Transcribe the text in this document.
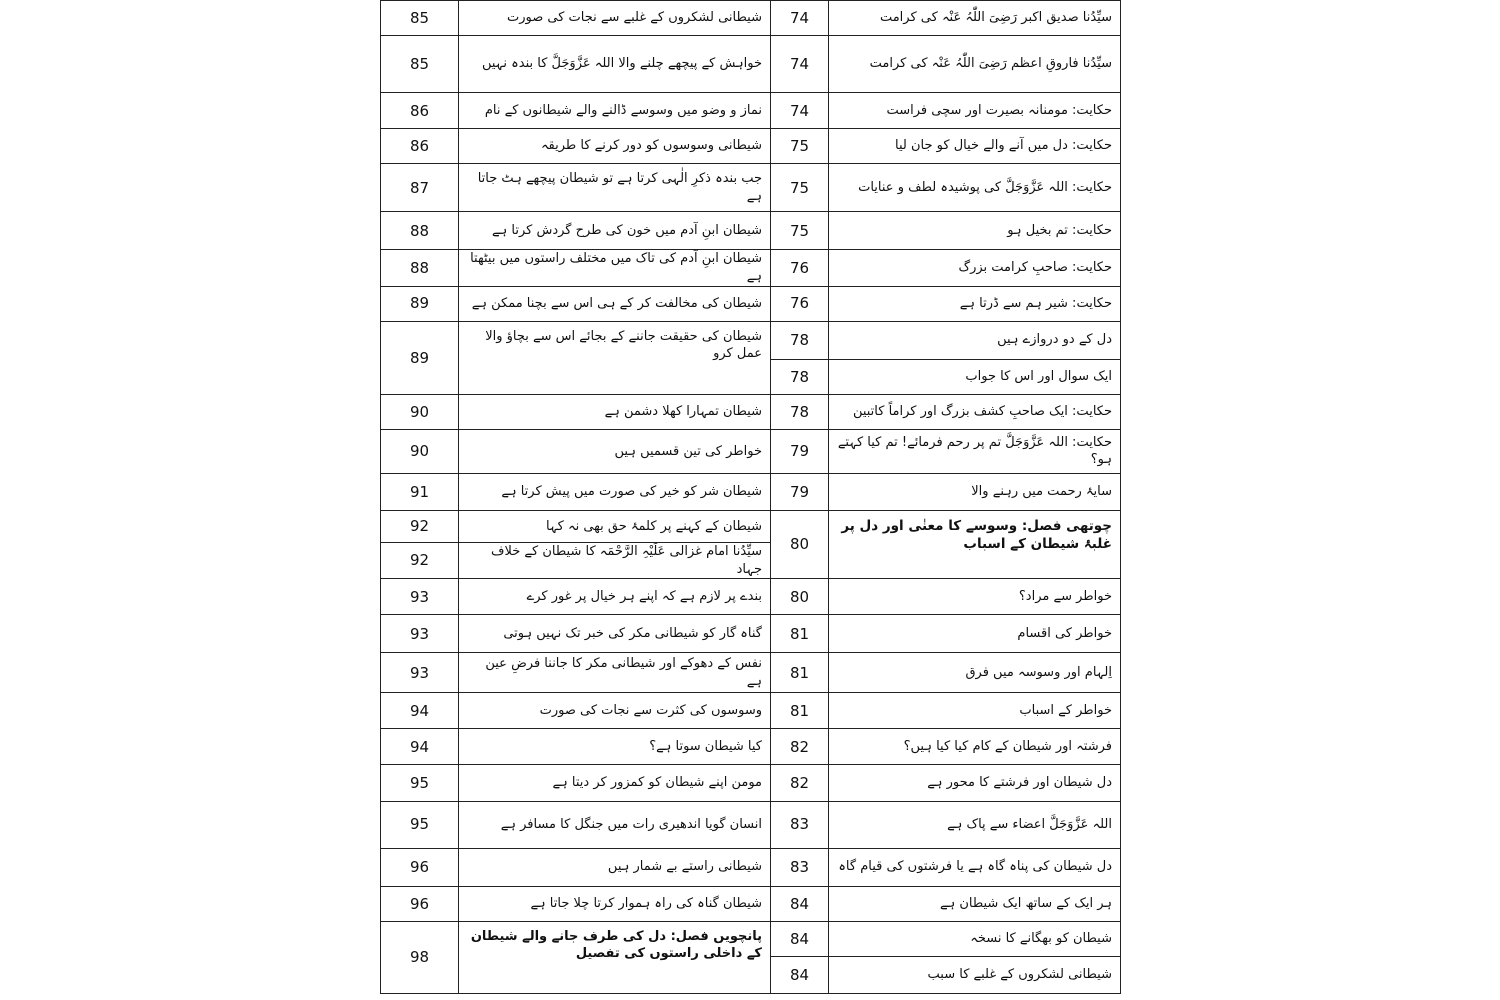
85	شیطانی لشکروں کے غلبے سے نجات کی صورت	74	سیِّدُنا صدیق اکبر رَضِیَ اللّٰہُ عَنْہ کی کرامت
85	خواہش کے پیچھے چلنے والا اللہ عَزَّوَجَلَّ کا بندہ نہیں	74	سیِّدُنا فاروقِ اعظم رَضِیَ اللّٰہُ عَنْہ کی کرامت
86	نماز و وضو میں وسوسے ڈالنے والے شیطانوں کے نام	74	حکایت: مومنانہ بصیرت اور سچی فراست
86	شیطانی وسوسوں کو دور کرنے کا طریقہ	75	حکایت: دل میں آنے والے خیال کو جان لیا
87	جب بندہ ذکرِ الٰہی کرتا ہے تو شیطان پیچھے ہٹ جاتا ہے	75	حکایت: اللہ عَزَّوَجَلَّ کی پوشیدہ لطف و عنایات
88	شیطان ابنِ آدم میں خون کی طرح گردش کرتا ہے	75	حکایت: تم بخیل ہو
88	شیطان ابنِ آدم کی تاک میں مختلف راستوں میں بیٹھتا ہے	76	حکایت: صاحبِ کرامت بزرگ
89	شیطان کی مخالفت کر کے ہی اس سے بچنا ممکن ہے	76	حکایت: شیر ہم سے ڈرتا ہے
89	شیطان کی حقیقت جاننے کے بجائے اس سے بچاؤ والا عمل کرو	78	دل کے دو دروازے ہیں
		78	ایک سوال اور اس کا جواب
90	شیطان تمہارا کھلا دشمن ہے	78	حکایت: ایک صاحبِ کشف بزرگ اور کراماً کاتبین
90	خواطر کی تین قسمیں ہیں	79	حکایت: اللہ عَزَّوَجَلَّ تم پر رحم فرمائے! تم کیا کہتے ہو؟
91	شیطان شر کو خیر کی صورت میں پیش کرتا ہے	79	سایۂ رحمت میں رہنے والا
92	شیطان کے کہنے پر کلمۂ حق بھی نہ کہا	80	چوتھی فصل: وسوسے کا معنٰی اور دل پر غلبۂ شیطان کے اسباب
92	سیِّدُنا امام غزالی عَلَیْہِ الرَّحْمَہ کا شیطان کے خلاف جہاد		
93	بندے پر لازم ہے کہ اپنے ہر خیال پر غور کرے	80	خواطر سے مراد؟
93	گناہ گار کو شیطانی مکر کی خبر تک نہیں ہوتی	81	خواطر کی اقسام
93	نفس کے دھوکے اور شیطانی مکر کا جاننا فرضِ عین ہے	81	اِلہام اور وسوسہ میں فرق
94	وسوسوں کی کثرت سے نجات کی صورت	81	خواطر کے اسباب
94	کیا شیطان سوتا ہے؟	82	فرشتہ اور شیطان کے کام کیا کیا ہیں؟
95	مومن اپنے شیطان کو کمزور کر دیتا ہے	82	دل شیطان اور فرشتے کا محور ہے
95	انسان گویا اندھیری رات میں جنگل کا مسافر ہے	83	اللہ عَزَّوَجَلَّ اعضاء سے پاک ہے
96	شیطانی راستے بے شمار ہیں	83	دل شیطان کی پناہ گاہ ہے یا فرشتوں کی قیام گاہ
96	شیطان گناہ کی راہ ہموار کرتا چلا جاتا ہے	84	ہر ایک کے ساتھ ایک شیطان ہے
98	پانچویں فصل: دل کی طرف جانے والے شیطان کے داخلی راستوں کی تفصیل	84	شیطان کو بھگانے کا نسخہ
		84	شیطانی لشکروں کے غلبے کا سبب
